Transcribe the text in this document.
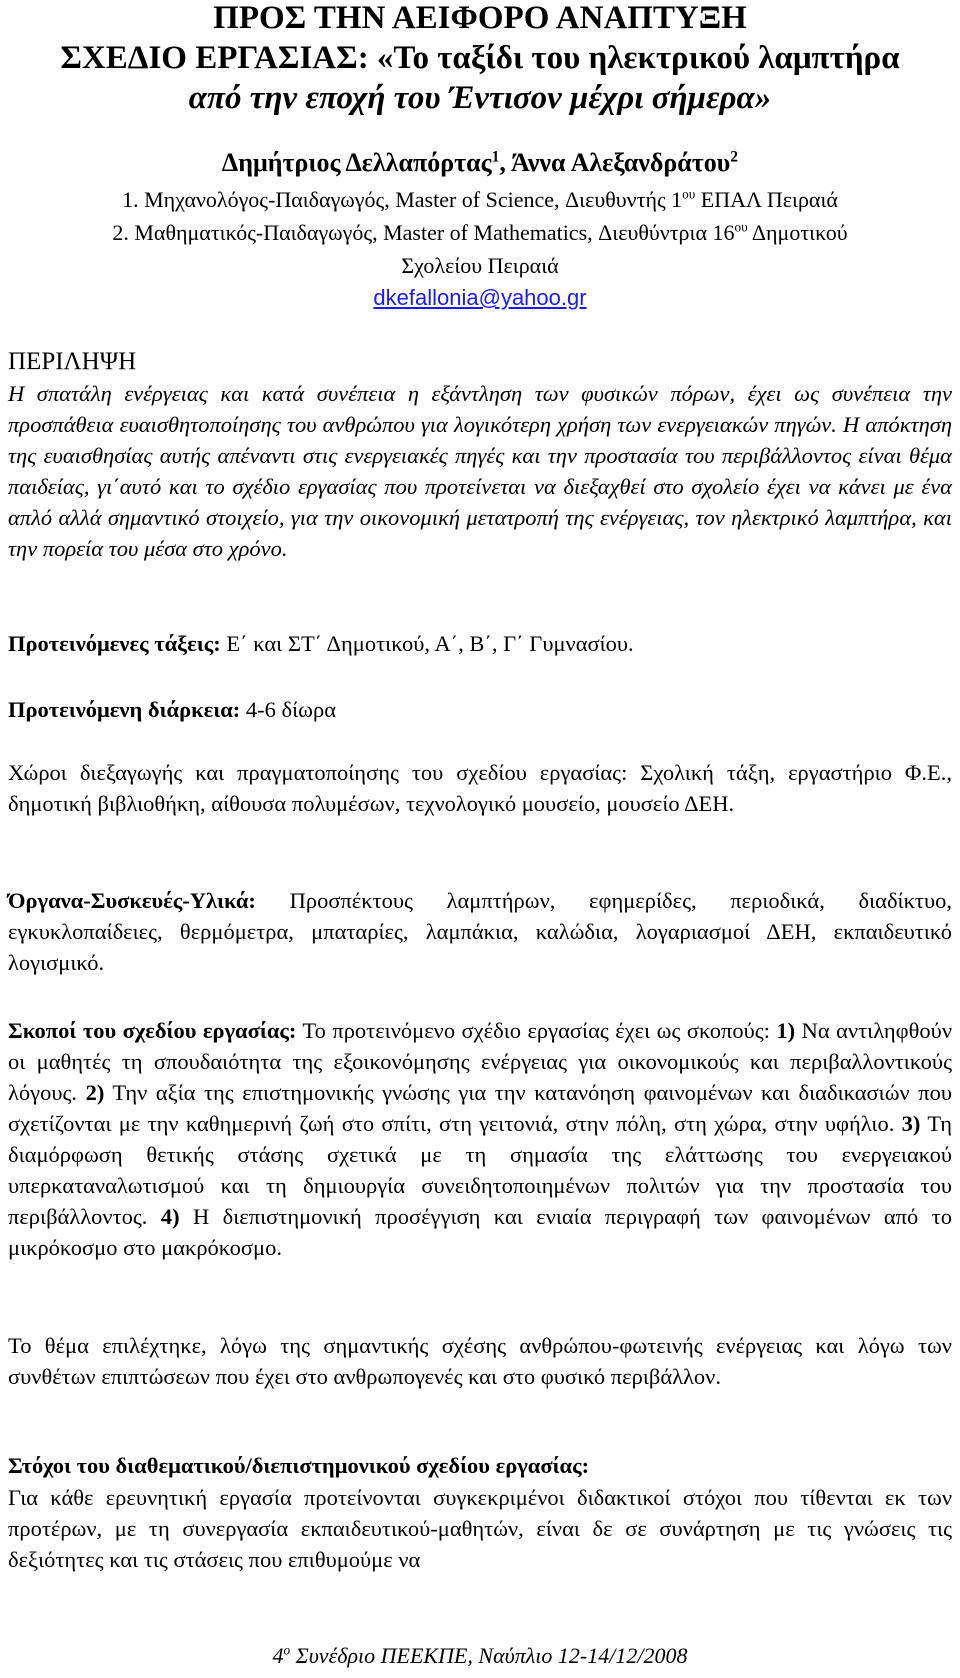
ΠΡΟΣ ΤΗΝ ΑΕΙΦΟΡΟ ΑΝΑΠΤΥΞΗ
ΣΧΕΔΙΟ ΕΡΓΑΣΙΑΣ: «Το ταξίδι του ηλεκτρικού λαμπτήρα
από την εποχή του Έντισον μέχρι σήμερα»
Δημήτριος Δελλαπόρτας$^1$, Άννα Αλεξανδράτου$^2$
1. Μηχανολόγος-Παιδαγωγός, Master of Science, Διευθυντής $1^{o\upsilon}$ ΕΠΑΛ Πειραιά
2. Μαθηματικός-Παιδαγωγός, Master of Mathematics, Διευθύντρια $16^{o\upsilon}$ Δημοτικού
Σχολείου Πειραιά
dkefallonia@yahoo.gr
ΠΕΡΙΛΗΨΗ
Η σπατάλη ενέργειας και κατά συνέπεια η εξάντληση των φυσικών πόρων, έχει ως συνέπεια την προσπάθεια ευαισθητοποίησης του ανθρώπου για λογικότερη χρήση των ενεργειακών πηγών. Η απόκτηση της ευαισθησίας αυτής απέναντι στις ενεργειακές πηγές και την προστασία του περιβάλλοντος είναι θέμα παιδείας, γι΄αυτό και το σχέδιο εργασίας που προτείνεται να διεξαχθεί στο σχολείο έχει να κάνει με ένα απλό αλλά σημαντικό στοιχείο, για την οικονομική μετατροπή της ενέργειας, τον ηλεκτρικό λαμπτήρα, και την πορεία του μέσα στο χρόνο.
Προτεινόμενες τάξεις: Ε΄ και ΣΤ΄ Δημοτικού, Α΄, Β΄, Γ΄ Γυμνασίου.
Προτεινόμενη διάρκεια: 4-6 δίωρα
Χώροι διεξαγωγής και πραγματοποίησης του σχεδίου εργασίας: Σχολική τάξη, εργαστήριο Φ.Ε., δημοτική βιβλιοθήκη, αίθουσα πολυμέσων, τεχνολογικό μουσείο, μουσείο ΔΕΗ.
Όργανα-Συσκευές-Υλικά: Προσπέκτους λαμπτήρων, εφημερίδες, περιοδικά, διαδίκτυο, εγκυκλοπαίδειες, θερμόμετρα, μπαταρίες, λαμπάκια, καλώδια, λογαριασμοί ΔΕΗ, εκπαιδευτικό λογισμικό.
Σκοποί του σχεδίου εργασίας: Το προτεινόμενο σχέδιο εργασίας έχει ως σκοπούς: 1) Να αντιληφθούν οι μαθητές τη σπουδαιότητα της εξοικονόμησης ενέργειας για οικονομικούς και περιβαλλοντικούς λόγους. 2) Την αξία της επιστημονικής γνώσης για την κατανόηση φαινομένων και διαδικασιών που σχετίζονται με την καθημερινή ζωή στο σπίτι, στη γειτονιά, στην πόλη, στη χώρα, στην υφήλιο. 3) Τη διαμόρφωση θετικής στάσης σχετικά με τη σημασία της ελάττωσης του ενεργειακού υπερκαταναλωτισμού και τη δημιουργία συνειδητοποιημένων πολιτών για την προστασία του περιβάλλοντος. 4) Η διεπιστημονική προσέγγιση και ενιαία περιγραφή των φαινομένων από το μικρόκοσμο στο μακρόκοσμο.
Το θέμα επιλέχτηκε, λόγω της σημαντικής σχέσης ανθρώπου-φωτεινής ενέργειας και λόγω των συνθέτων επιπτώσεων που έχει στο ανθρωπογενές και στο φυσικό περιβάλλον.
Στόχοι του διαθεματικού/διεπιστημονικού σχεδίου εργασίας:
Για κάθε ερευνητική εργασία προτείνονται συγκεκριμένοι διδακτικοί στόχοι που τίθενται εκ των προτέρων, με τη συνεργασία εκπαιδευτικού-μαθητών, είναι δε σε συνάρτηση με τις γνώσεις τις δεξιότητες και τις στάσεις που επιθυμούμε να
$4^o$ Συνέδριο ΠΕΕΚΠΕ, Ναύπλιο 12-14/12/2008
